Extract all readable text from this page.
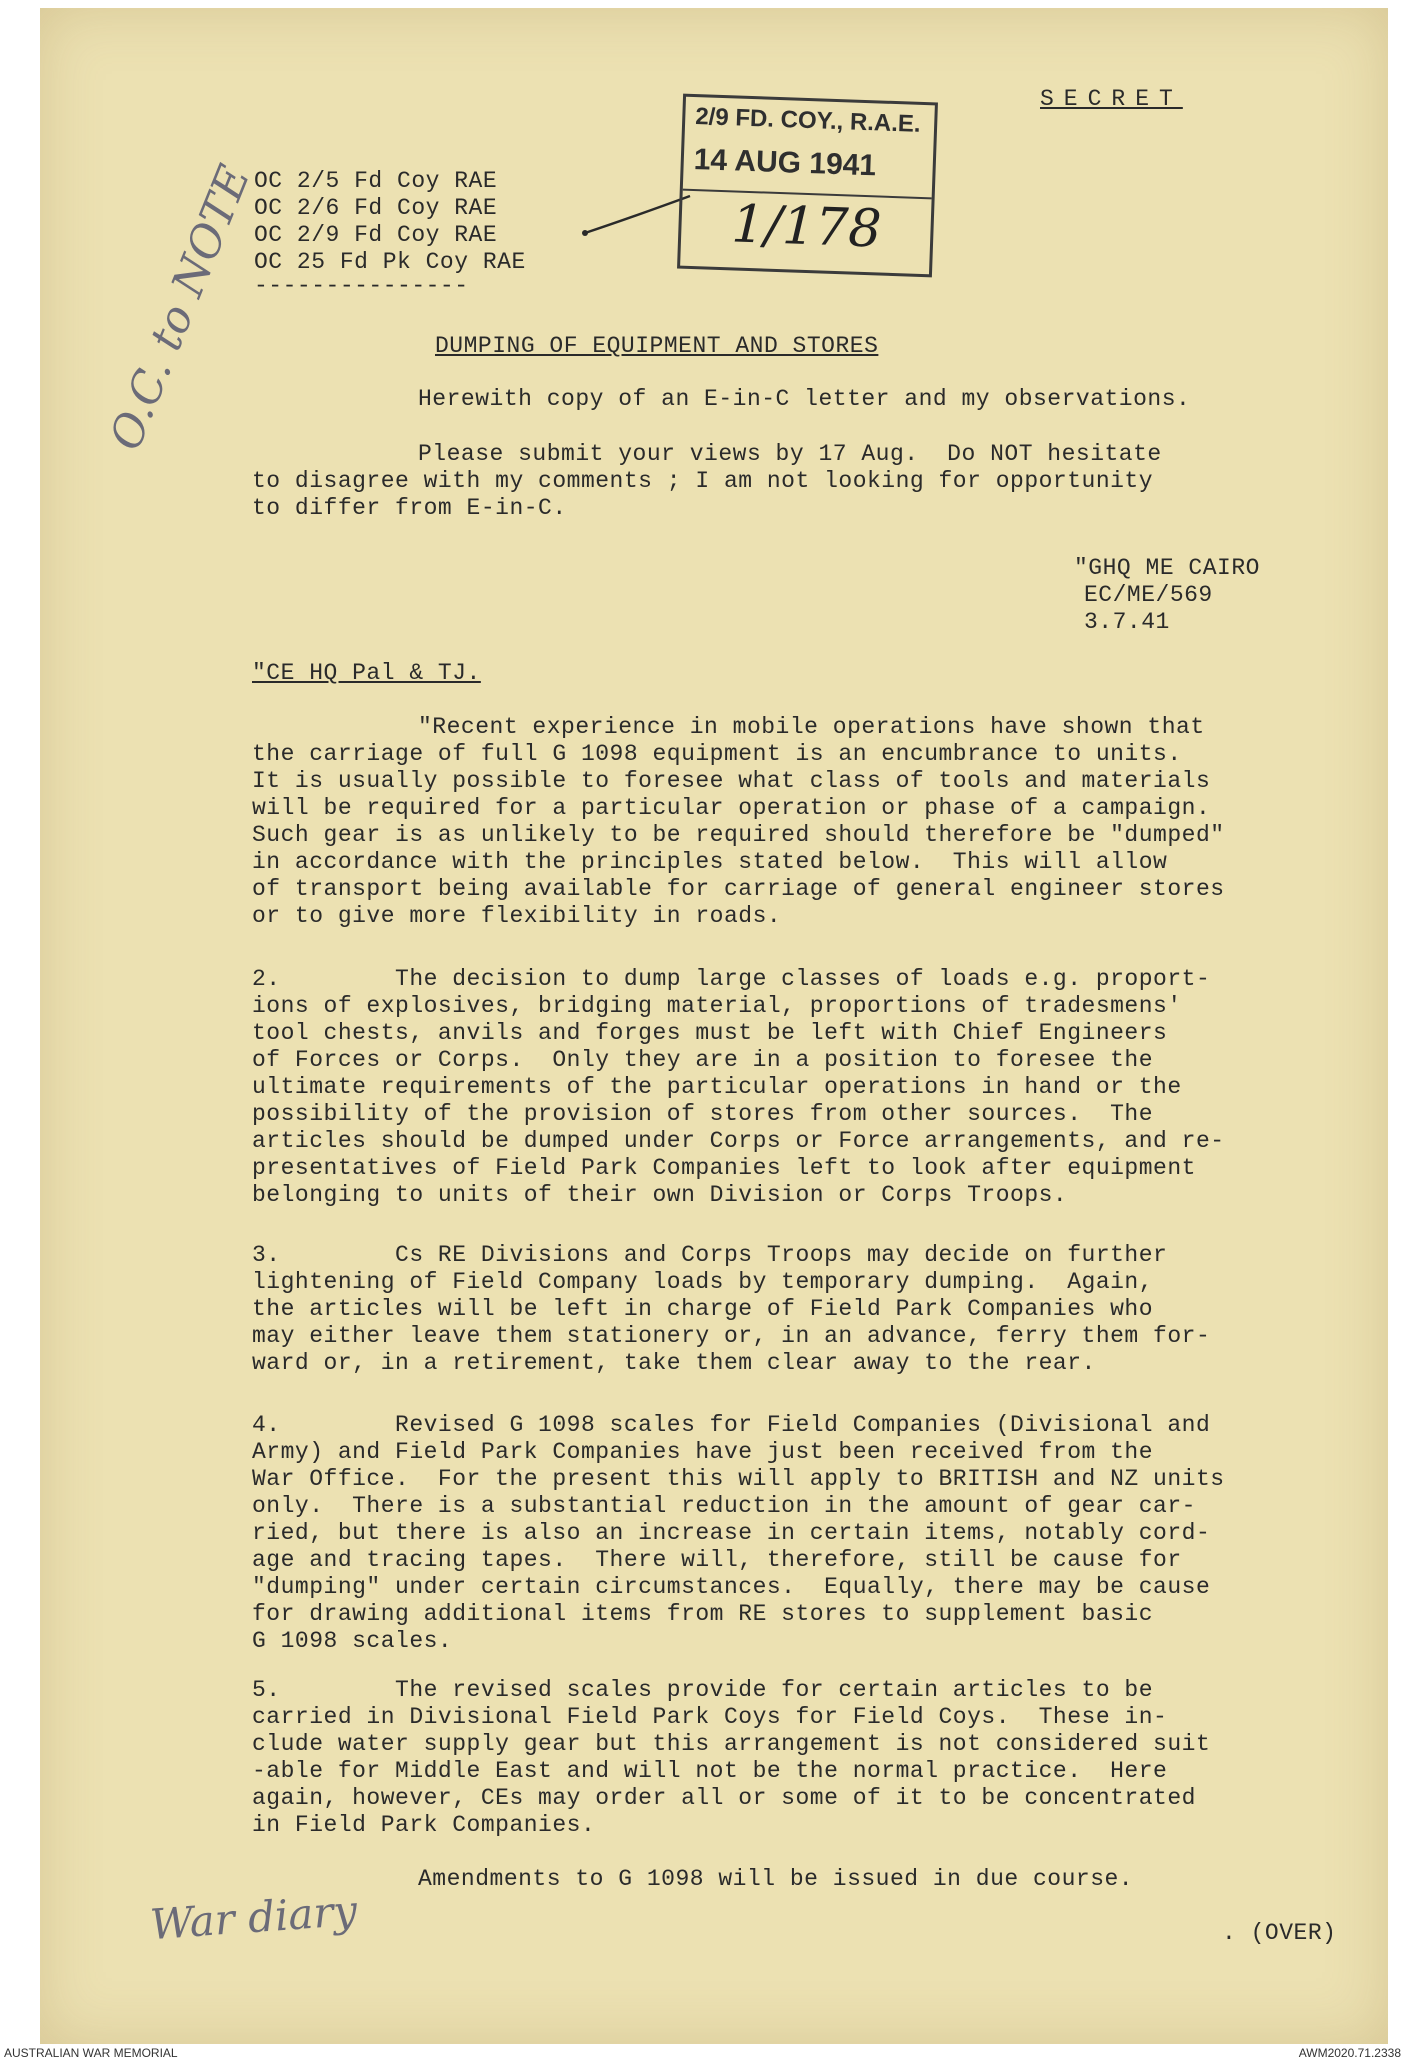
SECRET
OC 2/5 Fd Coy RAE
OC 2/6 Fd Coy RAE
OC 2/9 Fd Coy RAE
OC 25 Fd Pk Coy RAE
---------------
2/9 FD. COY., R.A.E.
14 AUG 1941
1/178
DUMPING OF EQUIPMENT AND STORES
Herewith copy of an E-in-C letter and my observations.
Please submit your views by 17 Aug.  Do NOT hesitate
to disagree with my comments ; I am not looking for opportunity
to differ from E-in-C.
"GHQ ME CAIRO
EC/ME/569
3.7.41
"CE HQ Pal & TJ.
"Recent experience in mobile operations have shown that
the carriage of full G 1098 equipment is an encumbrance to units.
It is usually possible to foresee what class of tools and materials
will be required for a particular operation or phase of a campaign.
Such gear is as unlikely to be required should therefore be "dumped"
in accordance with the principles stated below.  This will allow
of transport being available for carriage of general engineer stores
or to give more flexibility in roads.
2.        The decision to dump large classes of loads e.g. proport-
ions of explosives, bridging material, proportions of tradesmens'
tool chests, anvils and forges must be left with Chief Engineers
of Forces or Corps.  Only they are in a position to foresee the
ultimate requirements of the particular operations in hand or the
possibility of the provision of stores from other sources.  The
articles should be dumped under Corps or Force arrangements, and re-
presentatives of Field Park Companies left to look after equipment
belonging to units of their own Division or Corps Troops.
3.        Cs RE Divisions and Corps Troops may decide on further
lightening of Field Company loads by temporary dumping.  Again,
the articles will be left in charge of Field Park Companies who
may either leave them stationery or, in an advance, ferry them for-
ward or, in a retirement, take them clear away to the rear.
4.        Revised G 1098 scales for Field Companies (Divisional and
Army) and Field Park Companies have just been received from the
War Office.  For the present this will apply to BRITISH and NZ units
only.  There is a substantial reduction in the amount of gear car-
ried, but there is also an increase in certain items, notably cord-
age and tracing tapes.  There will, therefore, still be cause for
"dumping" under certain circumstances.  Equally, there may be cause
for drawing additional items from RE stores to supplement basic
G 1098 scales.
5.        The revised scales provide for certain articles to be
carried in Divisional Field Park Coys for Field Coys.  These in-
clude water supply gear but this arrangement is not considered suit
-able for Middle East and will not be the normal practice.  Here
again, however, CEs may order all or some of it to be concentrated
in Field Park Companies.
Amendments to G 1098 will be issued in due course.
. (OVER)
O.C. to NOTE
War diary
AUSTRALIAN WAR MEMORIAL	AWM2020.71.2338
